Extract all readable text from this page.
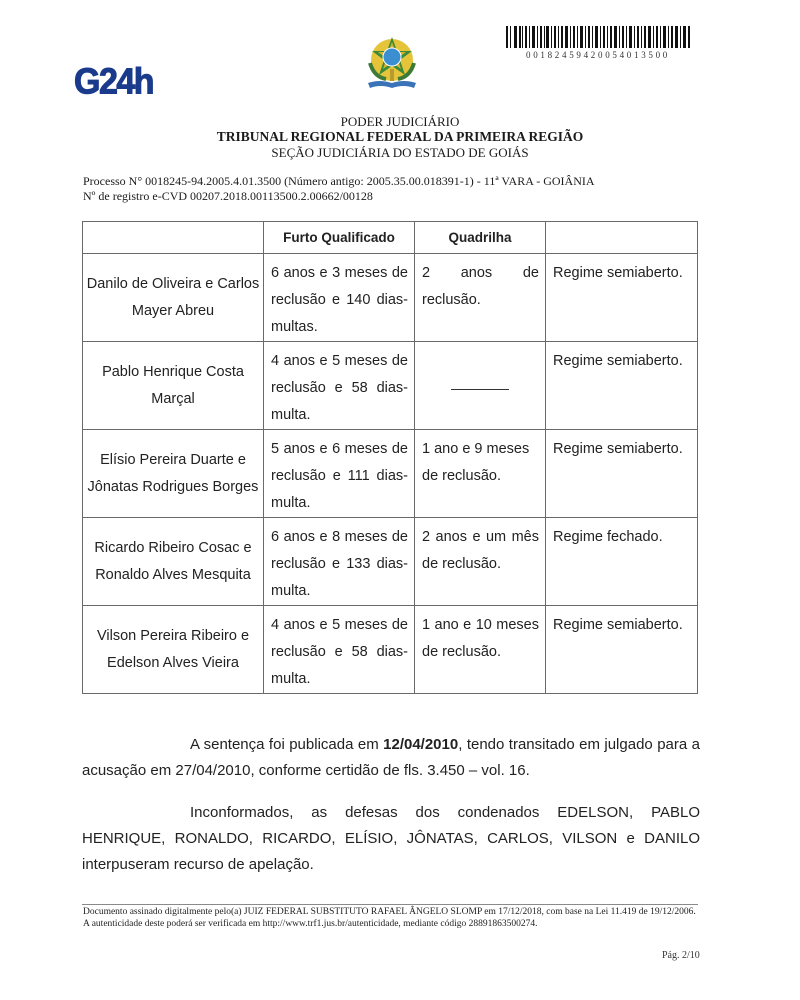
G24h
00182459420054013500
PODER JUDICIÁRIO
TRIBUNAL REGIONAL FEDERAL DA PRIMEIRA REGIÃO
SEÇÃO JUDICIÁRIA DO ESTADO DE GOIÁS
Processo N° 0018245-94.2005.4.01.3500 (Número antigo: 2005.35.00.018391-1) - 11ª VARA - GOIÂNIA
Nº de registro e-CVD 00207.2018.00113500.2.00662/00128
	Furto Qualificado	Quadrilha	
Danilo de Oliveira e Carlos Mayer Abreu	6 anos e 3 meses de reclusão e 140 dias-multas.	2 anos de reclusão.	Regime semiaberto.

Pablo Henrique Costa Marçal	4 anos e 5 meses de reclusão e 58 dias-multa.		Regime semiaberto.

Elísio Pereira Duarte e Jônatas Rodrigues Borges	5 anos e 6 meses de reclusão e 111 dias-multa.	1 ano e 9 meses de reclusão.	Regime semiaberto.

Ricardo Ribeiro Cosac e Ronaldo Alves Mesquita	6 anos e 8 meses de reclusão e 133 dias-multa.	2 anos e um mês de reclusão.	Regime fechado.

Vilson Pereira Ribeiro e Edelson Alves Vieira	4 anos e 5 meses de reclusão e 58 dias-multa.	1 ano e 10 meses de reclusão.	Regime semiaberto.
A sentença foi publicada em 12/04/2010, tendo transitado em julgado para a acusação em 27/04/2010, conforme certidão de fls. 3.450 – vol. 16.
Inconformados, as defesas dos condenados EDELSON, PABLO HENRIQUE, RONALDO, RICARDO, ELÍSIO, JÔNATAS, CARLOS, VILSON e DANILO interpuseram recurso de apelação.
Documento assinado digitalmente pelo(a) JUIZ FEDERAL SUBSTITUTO RAFAEL ÂNGELO SLOMP em 17/12/2018, com base na Lei 11.419 de 19/12/2006.
A autenticidade deste poderá ser verificada em http://www.trf1.jus.br/autenticidade, mediante código 28891863500274.
Pág. 2/10
